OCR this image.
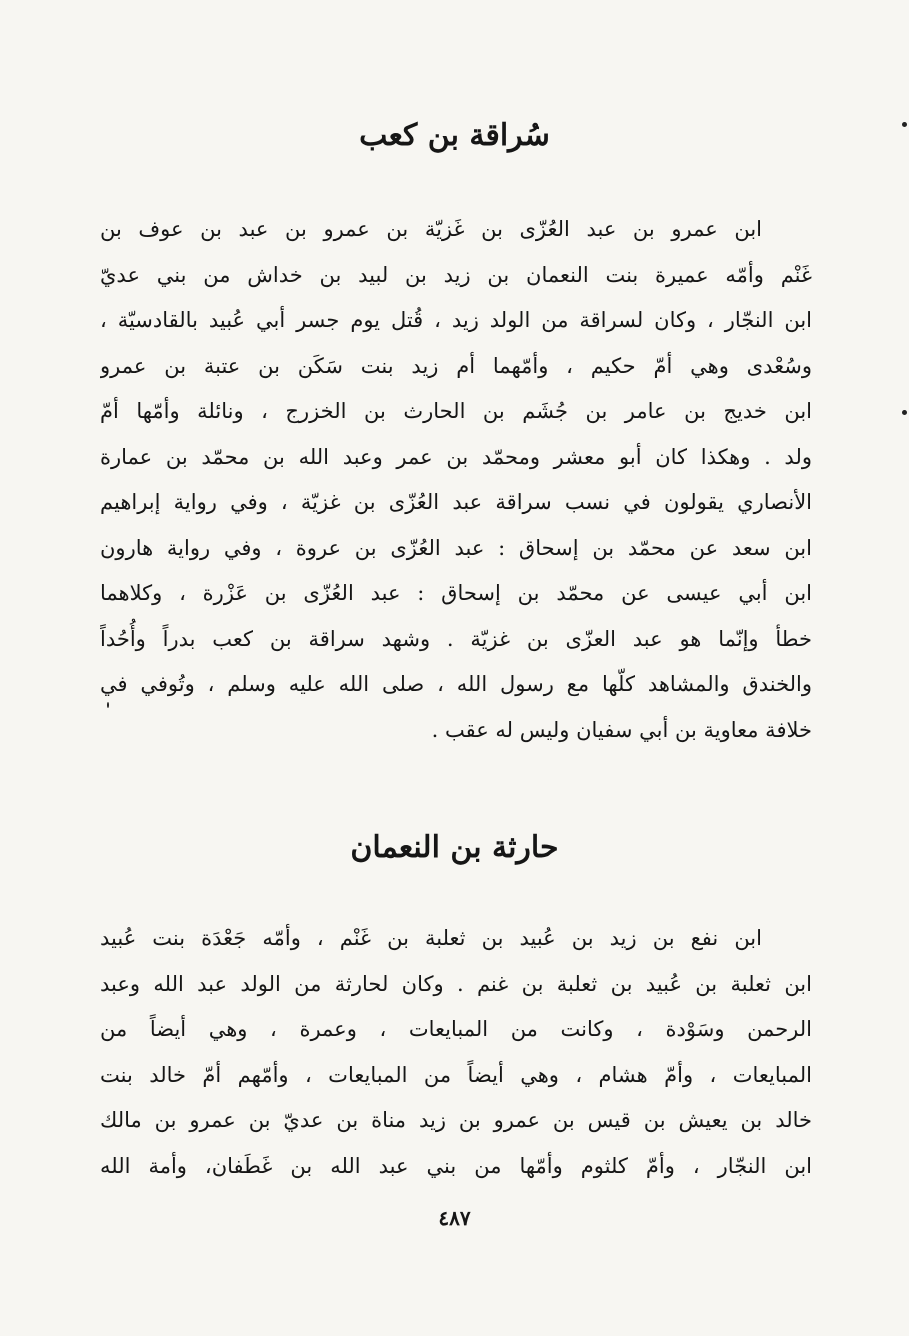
سُراقة بن كعب
ابن عمرو بن عبد العُزّى بن غَزيّة بن عمرو بن عبد بن عوف بن
غَنْم وأمّه عميرة بنت النعمان بن زيد بن لبيد بن خداش من بني عديّ
ابن النجّار ، وكان لسراقة من الولد زيد ، قُتل يوم جسر أبي عُبيد بالقادسيّة ،
وسُعْدى وهي أمّ حكيم ، وأمّهما أم زيد بنت سَكَن بن عتبة بن عمرو
ابن خديج بن عامر بن جُشَم بن الحارث بن الخزرج ، ونائلة وأمّها أمّ
ولد . وهكذا كان أبو معشر ومحمّد بن عمر وعبد الله بن محمّد بن عمارة
الأنصاري يقولون في نسب سراقة عبد العُزّى بن غزيّة ، وفي رواية إبراهيم
ابن سعد عن محمّد بن إسحاق : عبد العُزّى بن عروة ، وفي رواية هارون
ابن أبي عيسى عن محمّد بن إسحاق : عبد العُزّى بن عَزْرة ، وكلاهما
خطأ وإنّما هو عبد العزّى بن غزيّة . وشهد سراقة بن كعب بدراً وأُحُداً
والخندق والمشاهد كلّها مع رسول الله ، صلى الله عليه وسلم ، وتُوفي في
خلافة معاوية بن أبي سفيان وليس له عقب .
حارثة بن النعمان
ابن نفع بن زيد بن عُبيد بن ثعلبة بن غَنْم ، وأمّه جَعْدَة بنت عُبيد
ابن ثعلبة بن عُبيد بن ثعلبة بن غنم . وكان لحارثة من الولد عبد الله وعبد
الرحمن وسَوْدة ، وكانت من المبايعات ، وعمرة ، وهي أيضاً من
المبايعات ، وأمّ هشام ، وهي أيضاً من المبايعات ، وأمّهم أمّ خالد بنت
خالد بن يعيش بن قيس بن عمرو بن زيد مناة بن عديّ بن عمرو بن مالك
ابن النجّار ، وأمّ كلثوم وأمّها من بني عبد الله بن غَطَفان، وأمة الله
٤٨٧
